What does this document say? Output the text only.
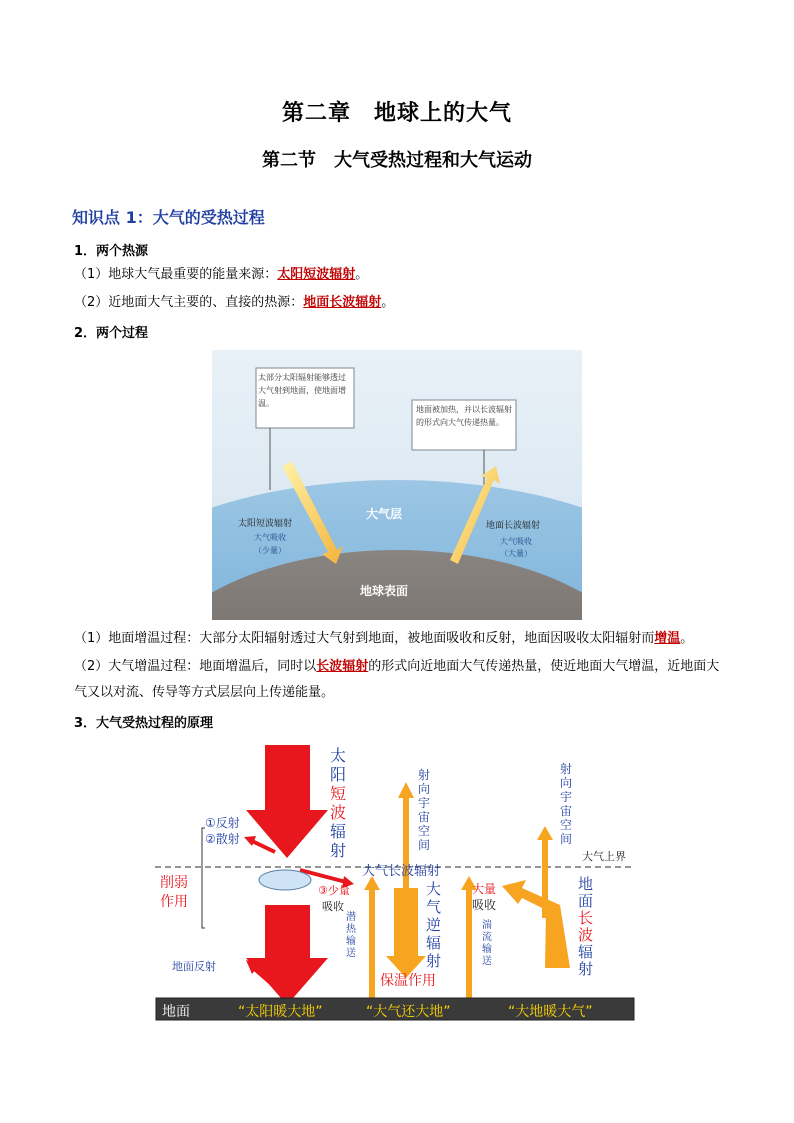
第二章　地球上的大气
第二节　大气受热过程和大气运动
知识点 1：大气的受热过程
1．两个热源
（1）地球大气最重要的能量来源：太阳短波辐射。
（2）近地面大气主要的、直接的热源：地面长波辐射。
2．两个过程
太部分太阳辐射能够透过大气射到地面，使地面增温。
地面被加热，并以长波辐射的形式向大气传递热量。
大气层
地球表面
太阳短波辐射
大气吸收
（少量）
地面长波辐射
大气吸收
（大量）
（1）地面增温过程：大部分太阳辐射透过大气射到地面，被地面吸收和反射，地面因吸收太阳辐射而增温。
（2）大气增温过程：地面增温后，同时以长波辐射的形式向近地面大气传递热量，使近地面大气增温，近地面大气又以对流、传导等方式层层向上传递能量。
3．大气受热过程的原理
太
阳
短
波
辐
射
①反射
②散射
削弱
作用
③少量
吸收
地面反射
大气上界
大气长波辐射
射向宇宙空间
射向宇宙空间
潜热输送
大
气
逆
辐
射
保温作用
湍流输送
大量
吸收
地
面
长
波
辐
射
地面	“太阳暖大地”	“大气还大地”	“大地暖大气”
